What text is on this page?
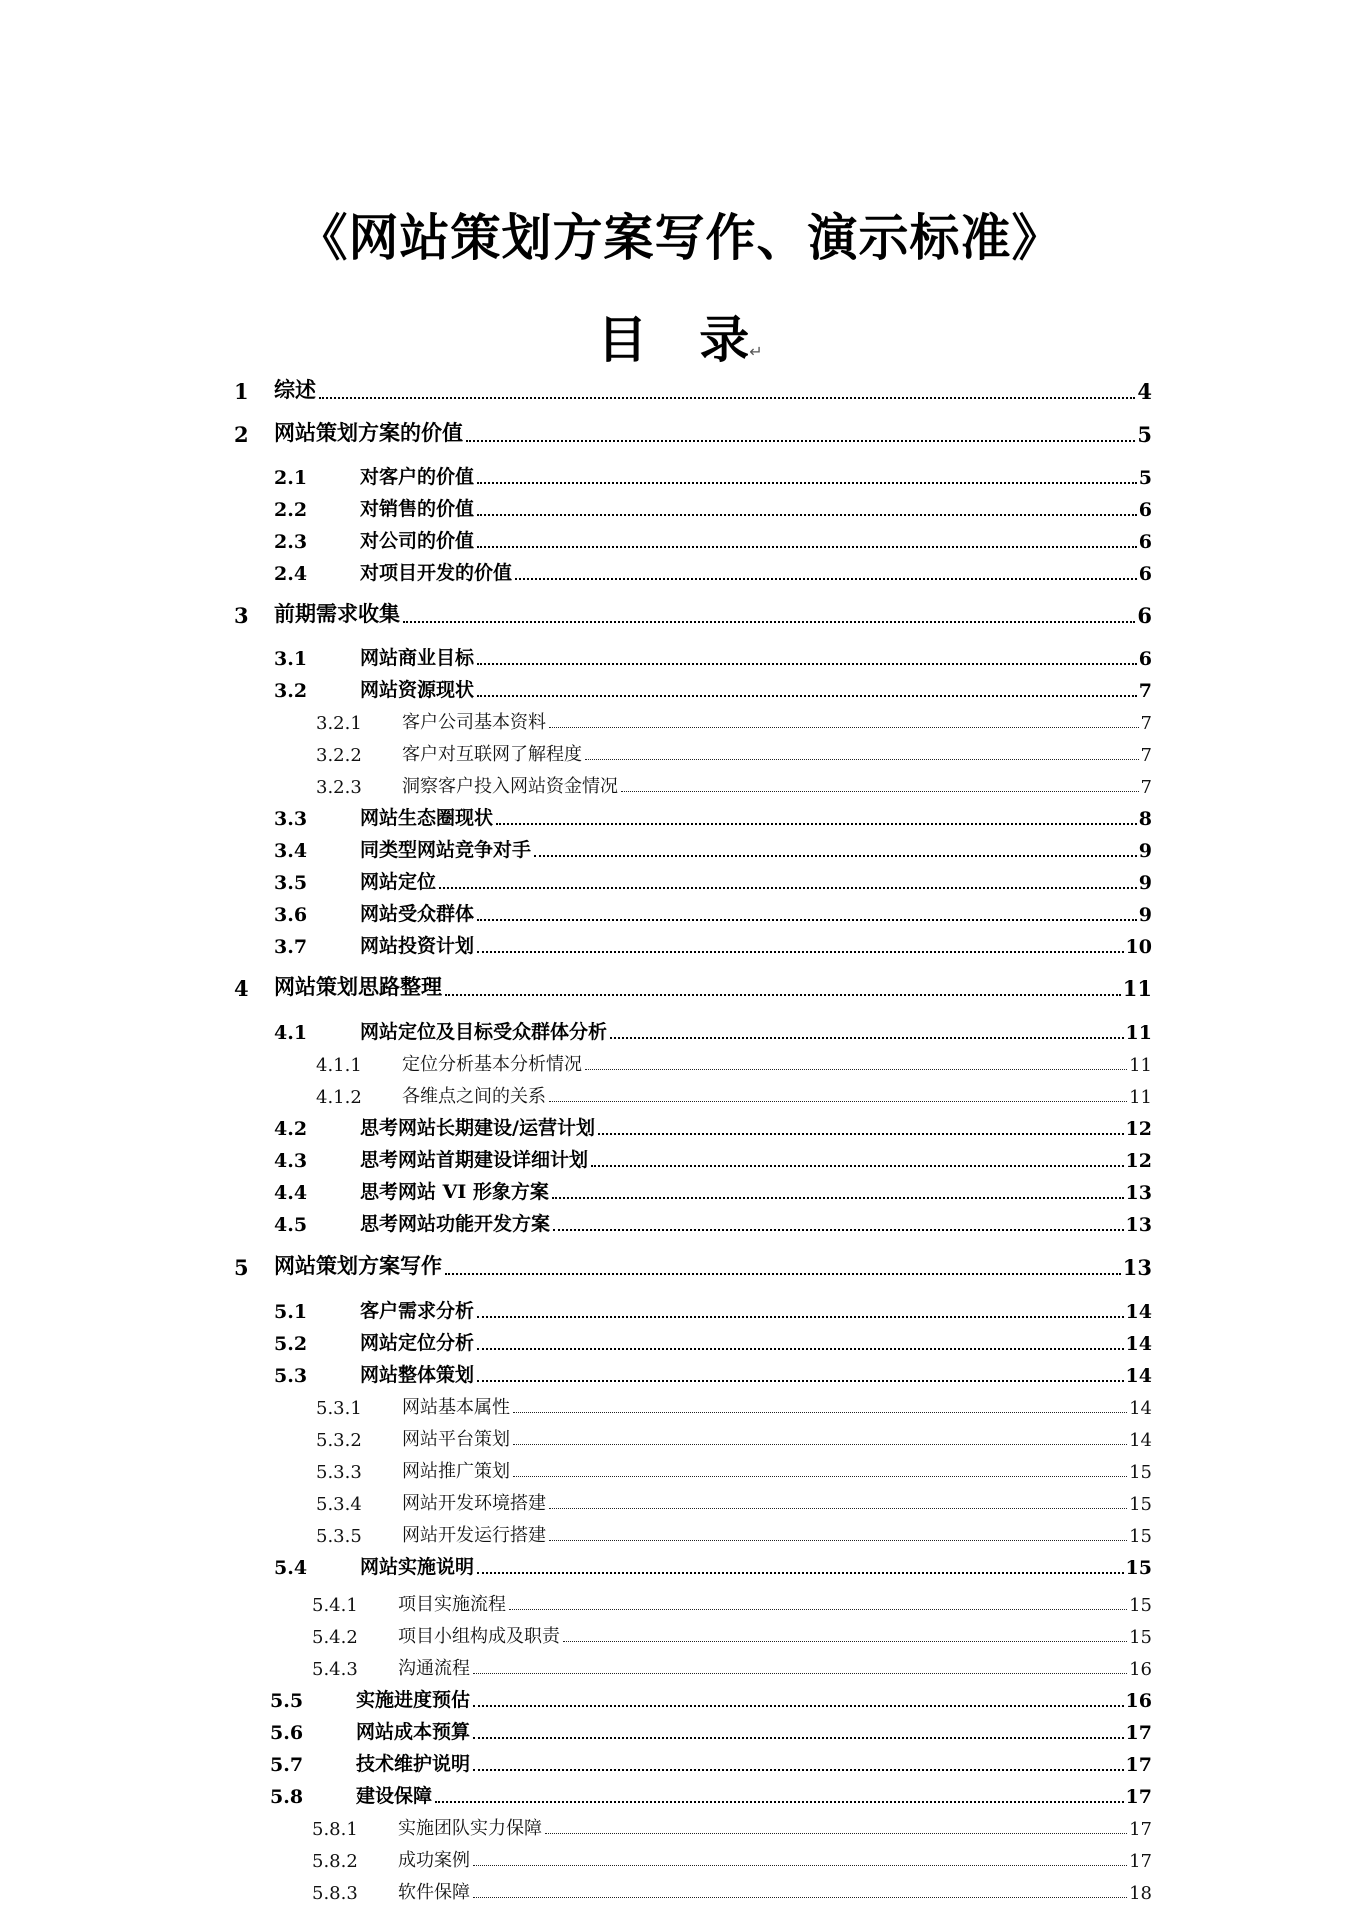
《网站策划方案写作、演示标准》
目 录↵
1	综述	4
2	网站策划方案的价值	5
2.1	对客户的价值	5
2.2	对销售的价值	6
2.3	对公司的价值	6
2.4	对项目开发的价值	6
3	前期需求收集	6
3.1	网站商业目标	6
3.2	网站资源现状	7
3.2.1	客户公司基本资料	7
3.2.2	客户对互联网了解程度	7
3.2.3	洞察客户投入网站资金情况	7
3.3	网站生态圈现状	8
3.4	同类型网站竞争对手	9
3.5	网站定位	9
3.6	网站受众群体	9
3.7	网站投资计划	10
4	网站策划思路整理	11
4.1	网站定位及目标受众群体分析	11
4.1.1	定位分析基本分析情况	11
4.1.2	各维点之间的关系	11
4.2	思考网站长期建设/运营计划	12
4.3	思考网站首期建设详细计划	12
4.4	思考网站 VI 形象方案	13
4.5	思考网站功能开发方案	13
5	网站策划方案写作	13
5.1	客户需求分析	14
5.2	网站定位分析	14
5.3	网站整体策划	14
5.3.1	网站基本属性	14
5.3.2	网站平台策划	14
5.3.3	网站推广策划	15
5.3.4	网站开发环境搭建	15
5.3.5	网站开发运行搭建	15
5.4	网站实施说明	15
5.4.1	项目实施流程	15
5.4.2	项目小组构成及职责	15
5.4.3	沟通流程	16
5.5	实施进度预估	16
5.6	网站成本预算	17
5.7	技术维护说明	17
5.8	建设保障	17
5.8.1	实施团队实力保障	17
5.8.2	成功案例	17
5.8.3	软件保障	18
